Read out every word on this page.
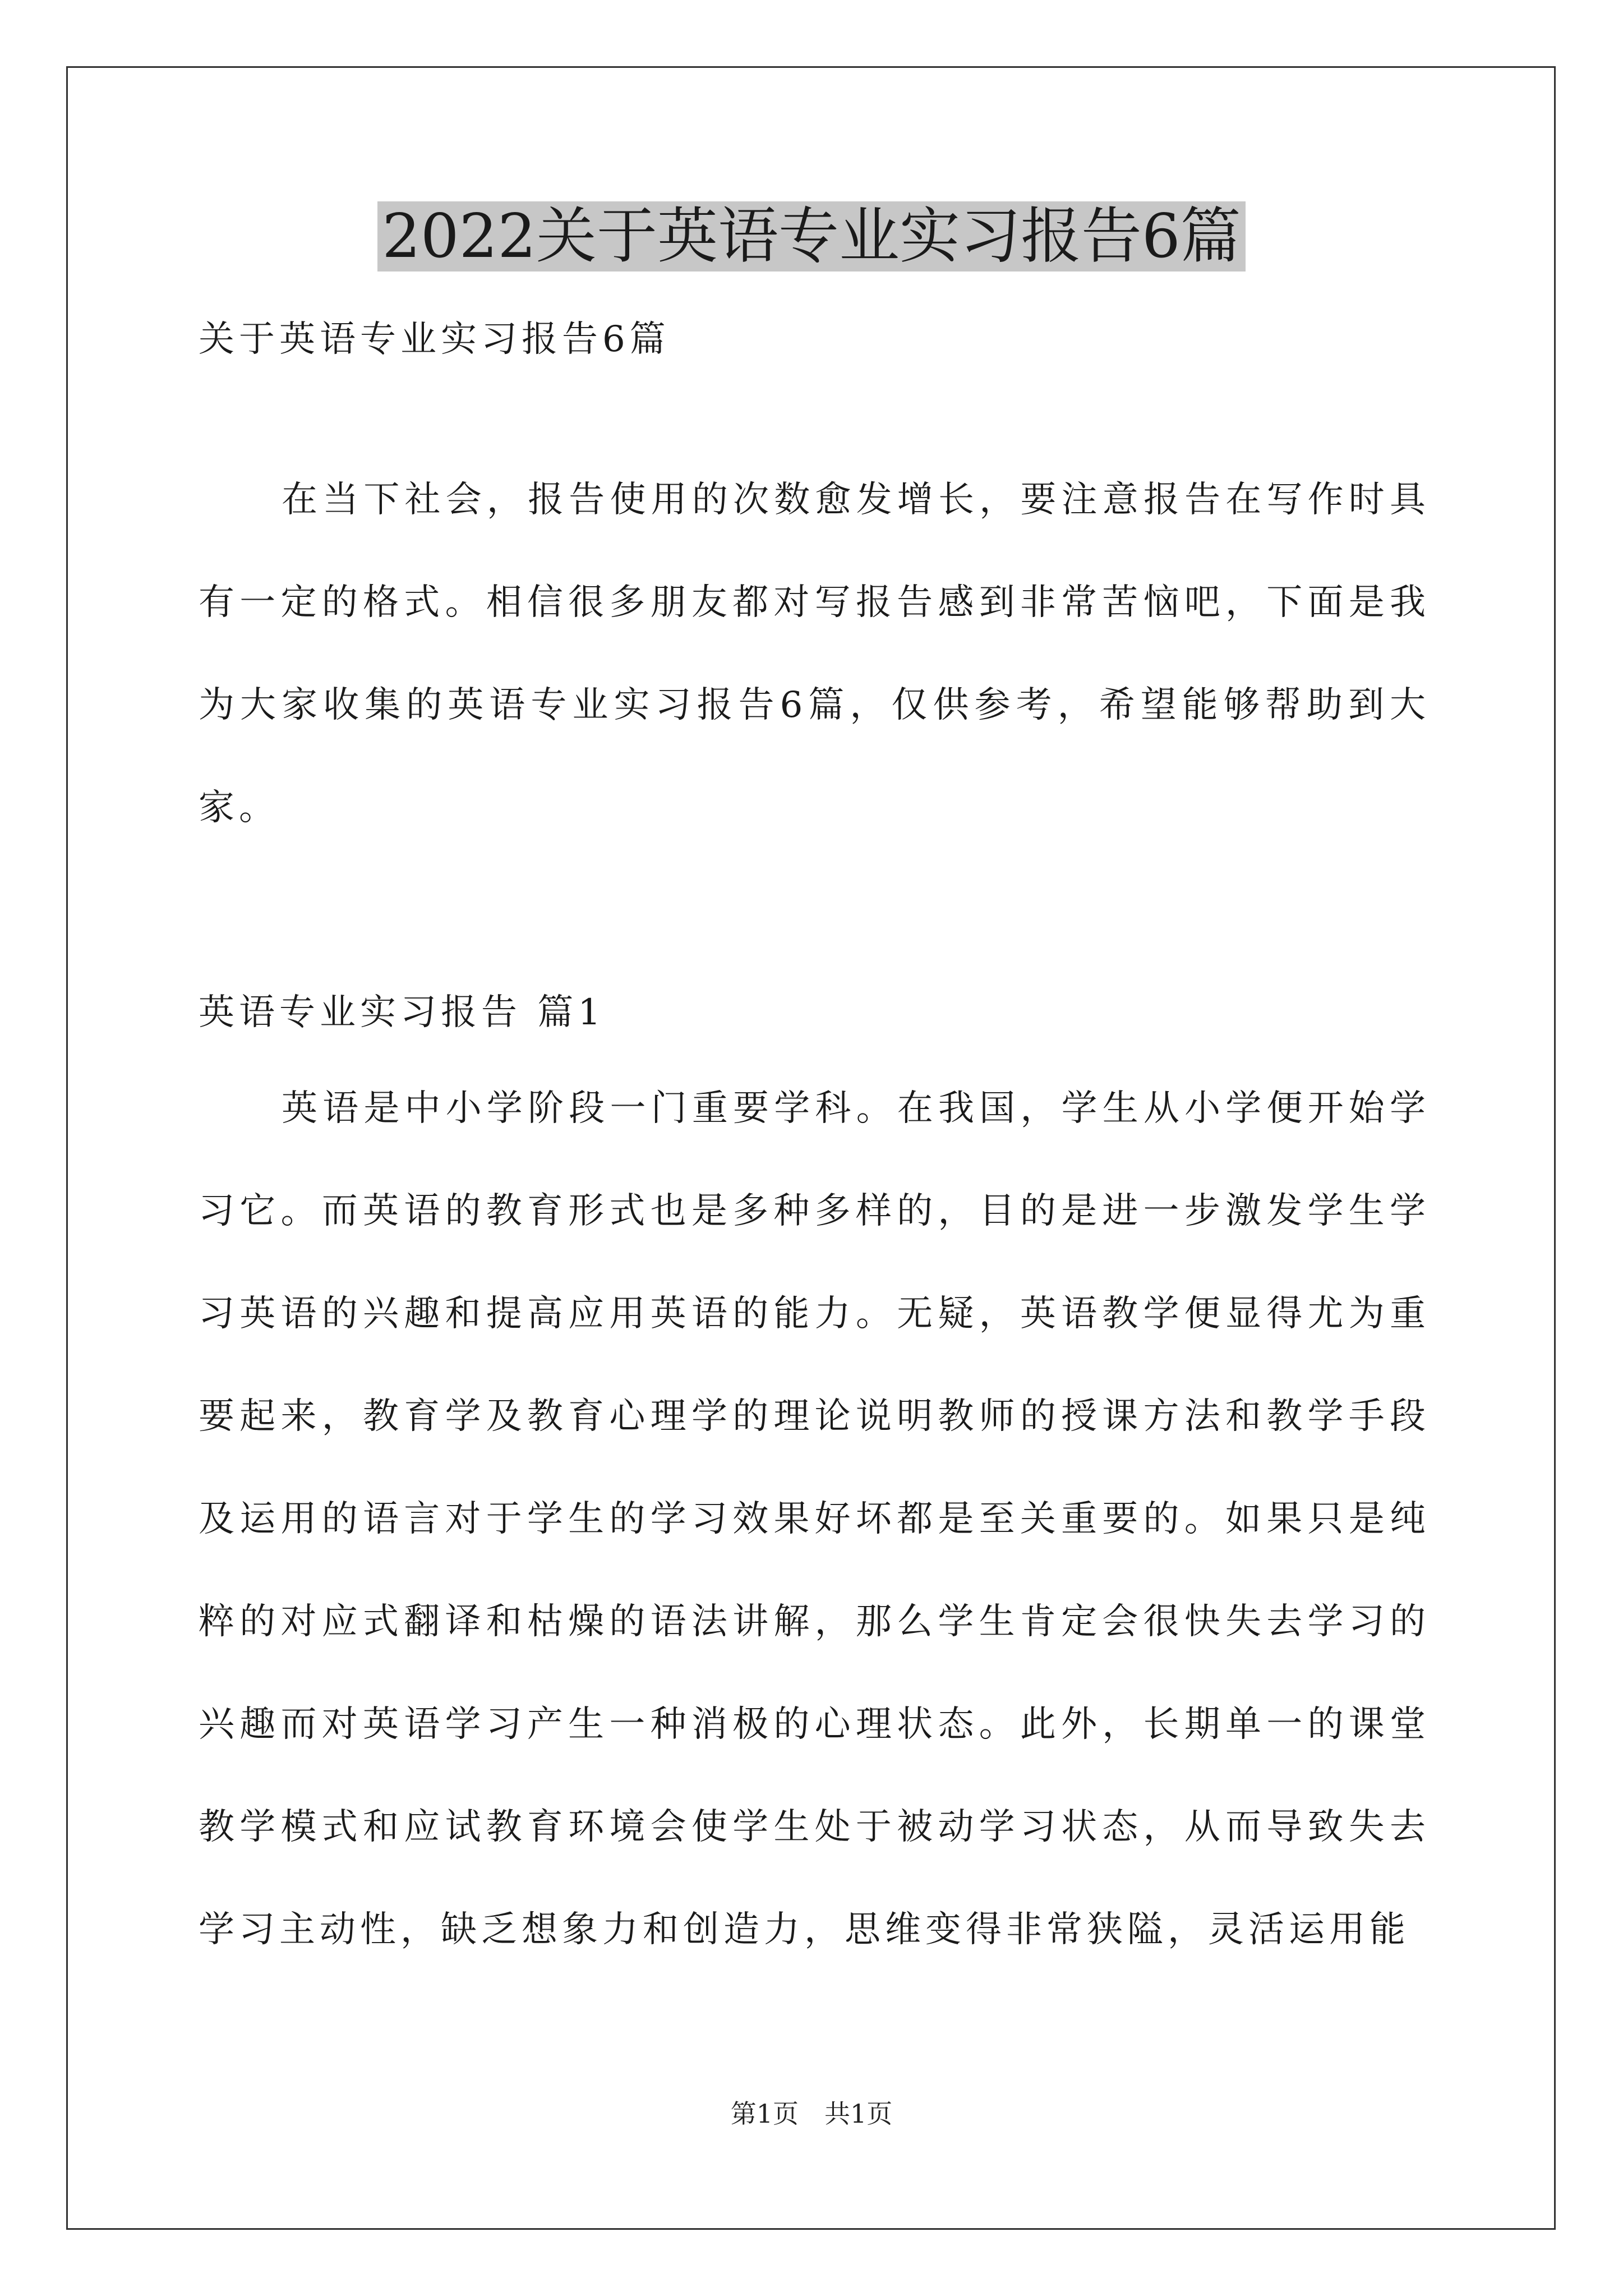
2022关于英语专业实习报告6篇
关于英语专业实习报告6篇

在当下社会，报告使用的次数愈发增长，要注意报告在写作时具有一定的格式。相信很多朋友都对写报告感到非常苦恼吧，下面是我为大家收集的英语专业实习报告6篇，仅供参考，希望能够帮助到大家。

英语专业实习报告 篇1

英语是中小学阶段一门重要学科。在我国，学生从小学便开始学习它。而英语的教育形式也是多种多样的，目的是进一步激发学生学习英语的兴趣和提高应用英语的能力。无疑，英语教学便显得尤为重要起来，教育学及教育心理学的理论说明教师的授课方法和教学手段及运用的语言对于学生的学习效果好坏都是至关重要的。如果只是纯粹的对应式翻译和枯燥的语法讲解，那么学生肯定会很快失去学习的兴趣而对英语学习产生一种消极的心理状态。此外，长期单一的课堂教学模式和应试教育环境会使学生处于被动学习状态，从而导致失去学习主动性，缺乏想象力和创造力，思维变得非常狭隘，灵活运用能

第1页　共1页
